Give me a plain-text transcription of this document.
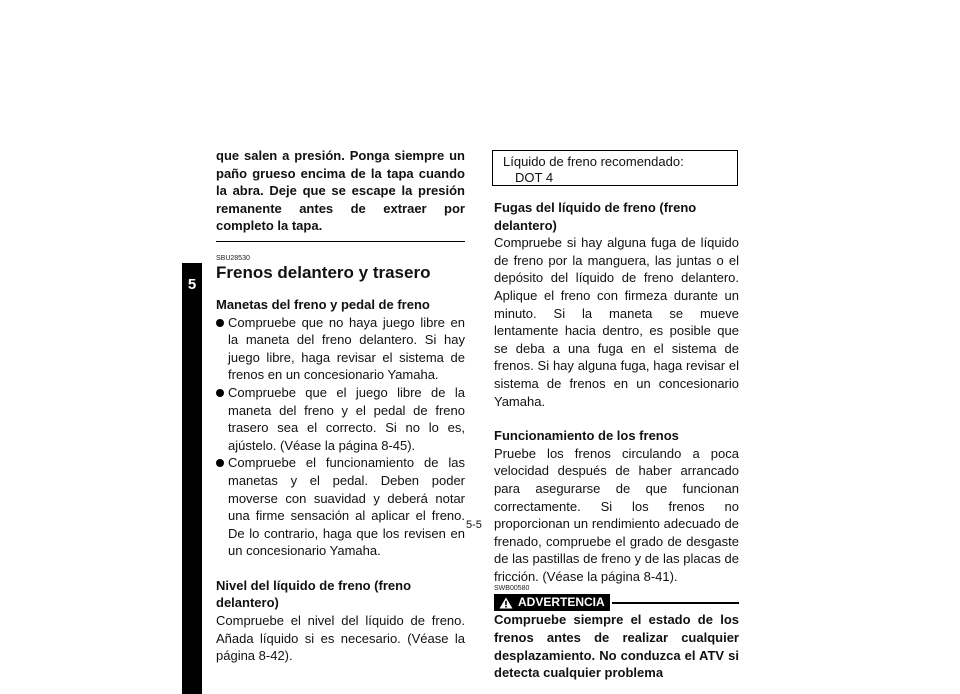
5
que salen a presión. Ponga siempre un paño grueso encima de la tapa cuando la abra. Deje que se escape la presión remanente antes de extraer por completo la tapa.
SBU28530
Frenos delantero y trasero
Manetas del freno y pedal de freno
Compruebe que no haya juego libre en la maneta del freno delantero. Si hay juego libre, haga revisar el sistema de frenos en un concesionario Yamaha.
Compruebe que el juego libre de la maneta del freno y el pedal de freno trasero sea el correcto. Si no lo es, ajústelo. (Véase la página 8-45).
Compruebe el funcionamiento de las manetas y el pedal. Deben poder moverse con suavidad y deberá notar una firme sensación al aplicar el freno. De lo contrario, haga que los revisen en un concesionario Yamaha.
Nivel del líquido de freno (freno delantero)
Compruebe el nivel del líquido de freno. Añada líquido si es necesario. (Véase la página 8-42).
Líquido de freno recomendado:
DOT 4
Fugas del líquido de freno (freno delantero)
Compruebe si hay alguna fuga de líquido de freno por la manguera, las juntas o el depósito del líquido de freno delantero. Aplique el freno con firmeza durante un minuto. Si la maneta se mueve lentamente hacia dentro, es posible que se deba a una fuga en el sistema de frenos. Si hay alguna fuga, haga revisar el sistema de frenos en un concesionario Yamaha.
Funcionamiento de los frenos
Pruebe los frenos circulando a poca velocidad después de haber arrancado para asegurarse de que funcionan correctamente. Si los frenos no proporcionan un rendimiento adecuado de frenado, compruebe el grado de desgaste de las pastillas de freno y de las placas de fricción. (Véase la página 8-41).
SWB00580
ADVERTENCIA
Compruebe siempre el estado de los frenos antes de realizar cualquier desplazamiento. No conduzca el ATV si detecta cualquier problema
5-5
